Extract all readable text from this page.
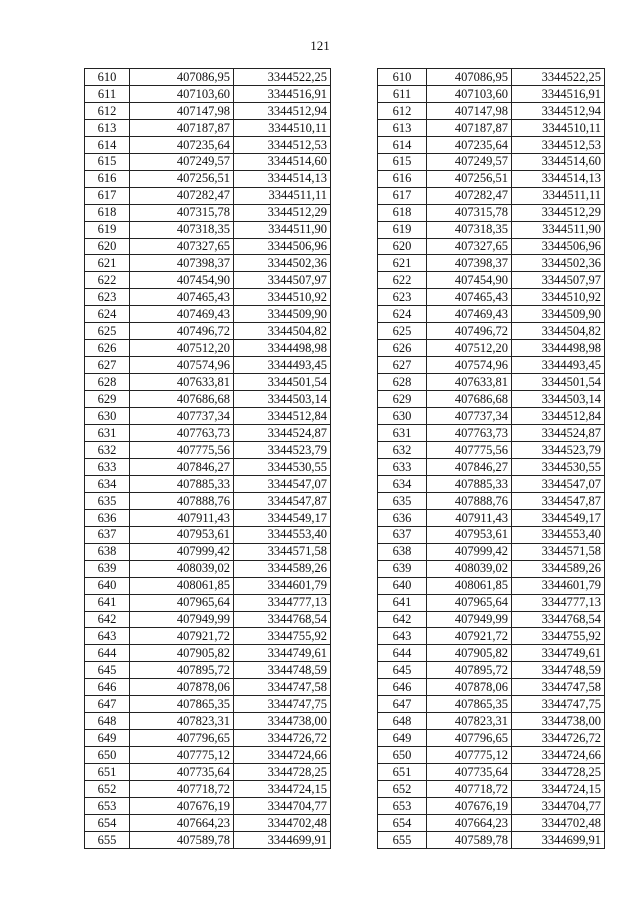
121
610	407086,95	3344522,25
611	407103,60	3344516,91
612	407147,98	3344512,94
613	407187,87	3344510,11
614	407235,64	3344512,53
615	407249,57	3344514,60
616	407256,51	3344514,13
617	407282,47	3344511,11
618	407315,78	3344512,29
619	407318,35	3344511,90
620	407327,65	3344506,96
621	407398,37	3344502,36
622	407454,90	3344507,97
623	407465,43	3344510,92
624	407469,43	3344509,90
625	407496,72	3344504,82
626	407512,20	3344498,98
627	407574,96	3344493,45
628	407633,81	3344501,54
629	407686,68	3344503,14
630	407737,34	3344512,84
631	407763,73	3344524,87
632	407775,56	3344523,79
633	407846,27	3344530,55
634	407885,33	3344547,07
635	407888,76	3344547,87
636	407911,43	3344549,17
637	407953,61	3344553,40
638	407999,42	3344571,58
639	408039,02	3344589,26
640	408061,85	3344601,79
641	407965,64	3344777,13
642	407949,99	3344768,54
643	407921,72	3344755,92
644	407905,82	3344749,61
645	407895,72	3344748,59
646	407878,06	3344747,58
647	407865,35	3344747,75
648	407823,31	3344738,00
649	407796,65	3344726,72
650	407775,12	3344724,66
651	407735,64	3344728,25
652	407718,72	3344724,15
653	407676,19	3344704,77
654	407664,23	3344702,48
655	407589,78	3344699,91
610	407086,95	3344522,25
611	407103,60	3344516,91
612	407147,98	3344512,94
613	407187,87	3344510,11
614	407235,64	3344512,53
615	407249,57	3344514,60
616	407256,51	3344514,13
617	407282,47	3344511,11
618	407315,78	3344512,29
619	407318,35	3344511,90
620	407327,65	3344506,96
621	407398,37	3344502,36
622	407454,90	3344507,97
623	407465,43	3344510,92
624	407469,43	3344509,90
625	407496,72	3344504,82
626	407512,20	3344498,98
627	407574,96	3344493,45
628	407633,81	3344501,54
629	407686,68	3344503,14
630	407737,34	3344512,84
631	407763,73	3344524,87
632	407775,56	3344523,79
633	407846,27	3344530,55
634	407885,33	3344547,07
635	407888,76	3344547,87
636	407911,43	3344549,17
637	407953,61	3344553,40
638	407999,42	3344571,58
639	408039,02	3344589,26
640	408061,85	3344601,79
641	407965,64	3344777,13
642	407949,99	3344768,54
643	407921,72	3344755,92
644	407905,82	3344749,61
645	407895,72	3344748,59
646	407878,06	3344747,58
647	407865,35	3344747,75
648	407823,31	3344738,00
649	407796,65	3344726,72
650	407775,12	3344724,66
651	407735,64	3344728,25
652	407718,72	3344724,15
653	407676,19	3344704,77
654	407664,23	3344702,48
655	407589,78	3344699,91
